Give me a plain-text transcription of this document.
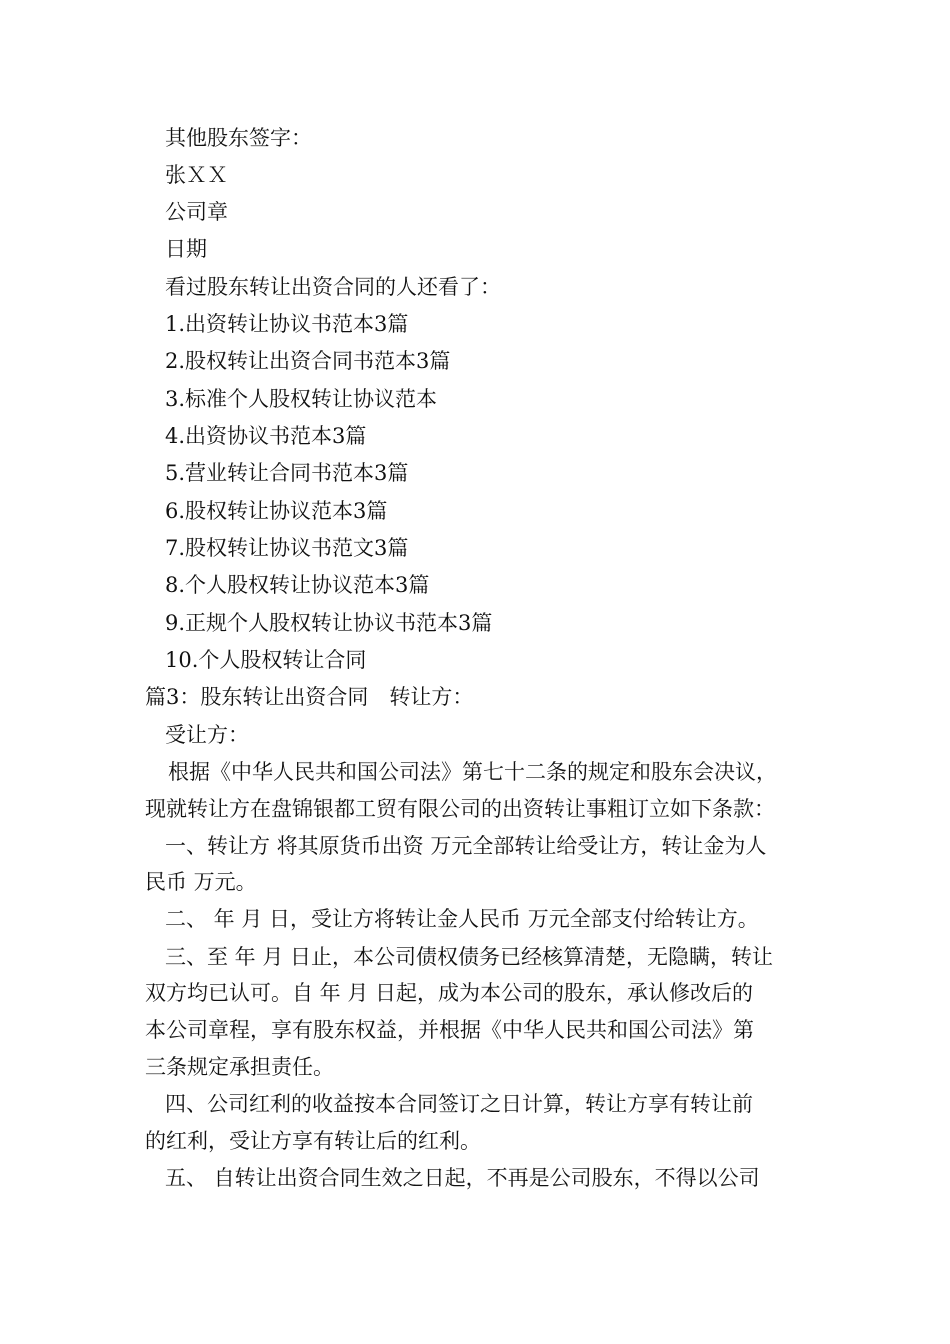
其他股东签字：
张ＸＸ
公司章
日期
看过股东转让出资合同的人还看了：
1.出资转让协议书范本3篇
2.股权转让出资合同书范本3篇
3.标准个人股权转让协议范本
4.出资协议书范本3篇
5.营业转让合同书范本3篇
6.股权转让协议范本3篇
7.股权转让协议书范文3篇
8.个人股权转让协议范本3篇
9.正规个人股权转让协议书范本3篇
10.个人股权转让合同
篇3：股东转让出资合同　转让方：
受让方：
根据《中华人民共和国公司法》第七十二条的规定和股东会决议，
现就转让方在盘锦银都工贸有限公司的出资转让事粗订立如下条款：
一、转让方 将其原货币出资 万元全部转让给受让方，转让金为人
民币 万元。
二、 年 月 日，受让方将转让金人民币 万元全部支付给转让方。
三、至 年 月 日止，本公司债权债务已经核算清楚，无隐瞒，转让
双方均已认可。自 年 月 日起，成为本公司的股东，承认修改后的
本公司章程，享有股东权益，并根据《中华人民共和国公司法》第
三条规定承担责任。
四、公司红利的收益按本合同签订之日计算，转让方享有转让前
的红利，受让方享有转让后的红利。
五、 自转让出资合同生效之日起，不再是公司股东，不得以公司
